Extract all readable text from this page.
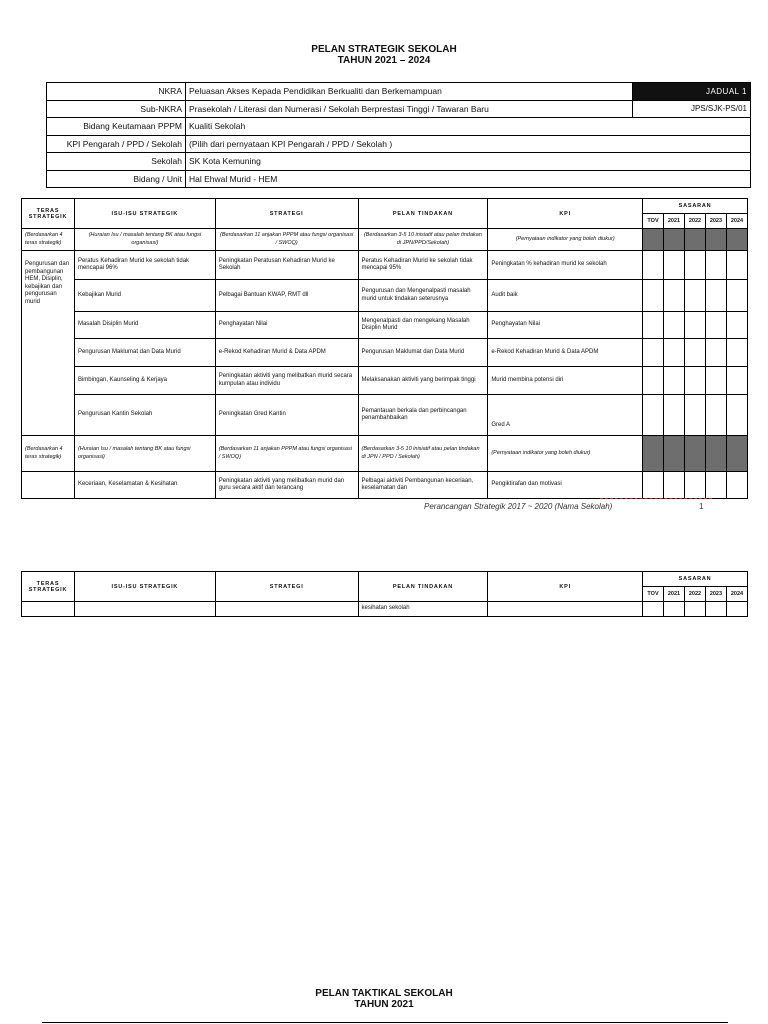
PELAN STRATEGIK SEKOLAH
TAHUN 2021 – 2024
NKRA	Peluasan Akses Kepada Pendidikan Berkualiti dan Berkemampuan	JADUAL 1
Sub-NKRA	Prasekolah / Literasi dan Numerasi / Sekolah Berprestasi Tinggi / Tawaran Baru	JPS/SJK-PS/01
Bidang Keutamaan PPPM	Kualiti Sekolah	
KPI Pengarah / PPD / Sekolah	(Pilih dari pernyataan KPI Pengarah / PPD / Sekolah )	
Sekolah	SK Kota Kemuning	
Bidang / Unit	Hal Ehwal Murid - HEM	
TERAS STRATEGIK	ISU-ISU STRATEGIK	STRATEGI	PELAN TINDAKAN	KPI	SASARAN				
					TOV	2021	2022	2023	2024
(Berdasarkan 4 teras strategik)	(Huraian Isu / masalah tentang BK atau fungsi organisasi)	(Berdasarkan 11 anjakan PPPM atau fungsi organisasi / SWOQ)	(Berdasarkan 3-5 10 inisiatif atau pelan tindakan di JPN/PPD/Sekolah)	(Pernyataan indikator yang boleh diukur)					
Pengurusan dan pembangunan HEM, Disiplin, kebajikan dan pengurusan murid	Peratus Kehadiran Murid ke sekolah tidak mencapai 96%	Peningkatan Peratusan Kehadiran Murid ke Sekolah	Peratus Kehadiran Murid ke sekolah tidak mencapai 95%	Peningkatan % kehadiran murid ke sekolah					
	Kebajikan Murid	Pelbagai Bantuan KWAP, RMT dll	Pengurusan dan Mengenalpasti masalah murid untuk tindakan seterusnya	Audit baik					
	Masalah Disiplin Murid	Penghayatan Nilai	Mengenalpasti dan mengekang Masalah Disiplin Murid	Penghayatan Nilai					
	Pengurusan Maklumat dan Data Murid	e-Rekod Kehadiran Murid & Data APDM	Pengurusan Maklumat dan Data Murid	e-Rekod Kehadiran Murid & Data APDM					
	Bimbingan, Kaunseling & Kerjaya	Peningkatan aktiviti yang melibatkan murid secara kumpulan atau individu	Melaksanakan aktiviti yang berimpak tinggi	Murid membina potensi diri					
	Pengurusan Kantin Sekolah	Peningkatan Gred Kantin	Pemantauan berkala dan perbincangan penambahbaikan	Gred A					
(Berdasarkan 4 teras strategik)	(Huraian Isu / masalah tentang BK atau fungsi organisasi)	(Berdasarkan 11 anjakan PPPM atau fungsi organisasi / SWOQ)	(Berdasarkan 3-5 10 inisiatif atau pelan tindakan di JPN / PPD / Sekolah)	(Pernyataan indikator yang boleh diukur)					
	Keceriaan, Keselamatan & Kesihatan	Peningkatan aktiviti yang melibatkan murid dan guru secara aktif dan terancang	Pelbagai aktiviti Pembangunan keceriaan, keselamatan dan	Pengiktirafan dan motivasi					
Perancangan Strategik 2017 ~ 2020 (Nama Sekolah)	1
TERAS STRATEGIK	ISU-ISU STRATEGIK	STRATEGI	PELAN TINDAKAN	KPI	SASARAN				
					TOV	2021	2022	2023	2024
			kesihatan sekolah						
PELAN TAKTIKAL SEKOLAH
TAHUN 2021
